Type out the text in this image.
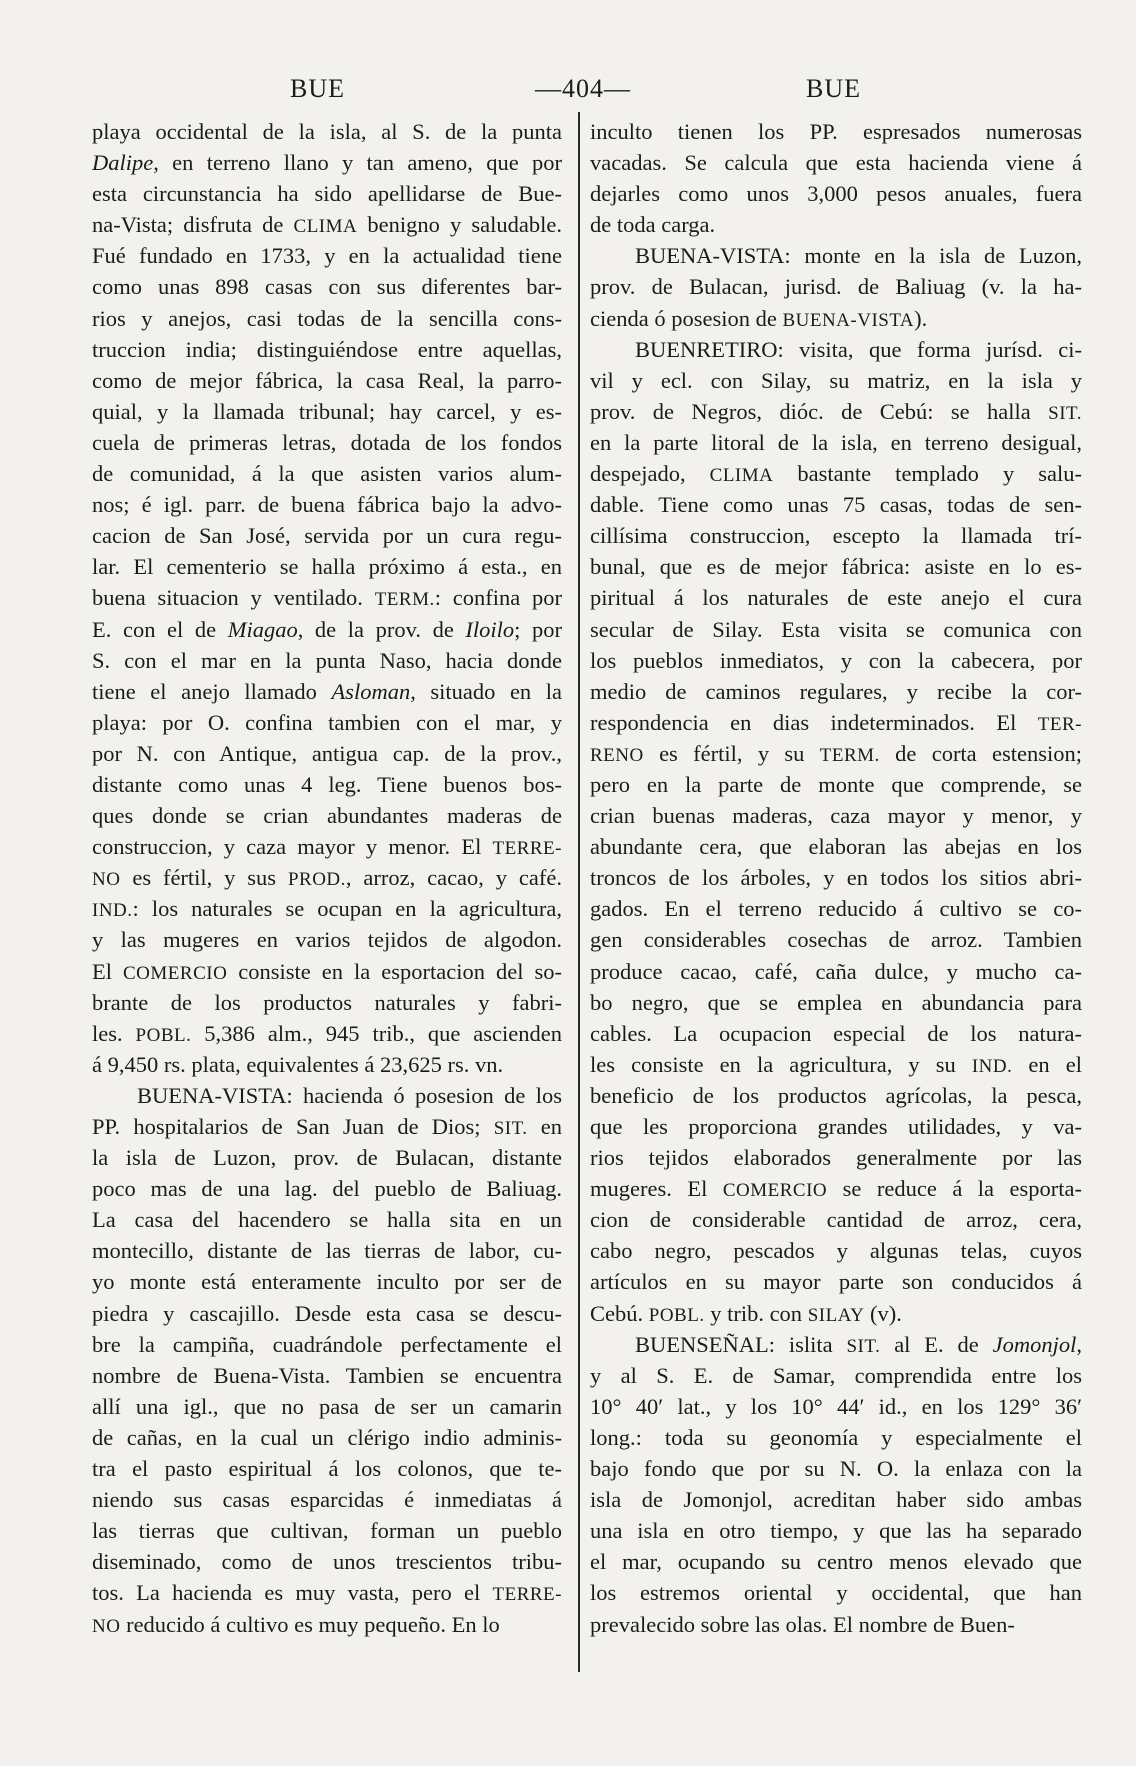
BUE	—404—	BUE
playa occidental de la isla, al S. de la punta
Dalipe, en terreno llano y tan ameno, que por
esta circunstancia ha sido apellidarse de Bue-
na-Vista; disfruta de CLIMA benigno y saludable.
Fué fundado en 1733, y en la actualidad tiene
como unas 898 casas con sus diferentes bar-
rios y anejos, casi todas de la sencilla cons-
truccion india; distinguiéndose entre aquellas,
como de mejor fábrica, la casa Real, la parro-
quial, y la llamada tribunal; hay carcel, y es-
cuela de primeras letras, dotada de los fondos
de comunidad, á la que asisten varios alum-
nos; é igl. parr. de buena fábrica bajo la advo-
cacion de San José, servida por un cura regu-
lar. El cementerio se halla próximo á esta., en
buena situacion y ventilado. TERM.: confina por
E. con el de Miagao, de la prov. de Iloilo; por
S. con el mar en la punta Naso, hacia donde
tiene el anejo llamado Asloman, situado en la
playa: por O. confina tambien con el mar, y
por N. con Antique, antigua cap. de la prov.,
distante como unas 4 leg. Tiene buenos bos-
ques donde se crian abundantes maderas de
construccion, y caza mayor y menor. El TERRE-
NO es fértil, y sus PROD., arroz, cacao, y café.
IND.: los naturales se ocupan en la agricultura,
y las mugeres en varios tejidos de algodon.
El COMERCIO consiste en la esportacion del so-
brante de los productos naturales y fabri-
les. POBL. 5,386 alm., 945 trib., que ascienden
á 9,450 rs. plata, equivalentes á 23,625 rs. vn.
  BUENA-VISTA: hacienda ó posesion de los
PP. hospitalarios de San Juan de Dios; SIT. en
la isla de Luzon, prov. de Bulacan, distante
poco mas de una lag. del pueblo de Baliuag.
La casa del hacendero se halla sita en un
montecillo, distante de las tierras de labor, cu-
yo monte está enteramente inculto por ser de
piedra y cascajillo. Desde esta casa se descu-
bre la campiña, cuadrándole perfectamente el
nombre de Buena-Vista. Tambien se encuentra
allí una igl., que no pasa de ser un camarin
de cañas, en la cual un clérigo indio adminis-
tra el pasto espiritual á los colonos, que te-
niendo sus casas esparcidas é inmediatas á
las tierras que cultivan, forman un pueblo
diseminado, como de unos trescientos tribu-
tos. La hacienda es muy vasta, pero el TERRE-
NO reducido á cultivo es muy pequeño. En lo
inculto tienen los PP. espresados numerosas
vacadas. Se calcula que esta hacienda viene á
dejarles como unos 3,000 pesos anuales, fuera
de toda carga.
  BUENA-VISTA: monte en la isla de Luzon,
prov. de Bulacan, jurisd. de Baliuag (v. la ha-
cienda ó posesion de BUENA-VISTA).
  BUENRETIRO: visita, que forma jurísd. ci-
vil y ecl. con Silay, su matriz, en la isla y
prov. de Negros, dióc. de Cebú: se halla SIT.
en la parte litoral de la isla, en terreno desigual,
despejado, CLIMA bastante templado y salu-
dable. Tiene como unas 75 casas, todas de sen-
cillísima construccion, escepto la llamada trí-
bunal, que es de mejor fábrica: asiste en lo es-
piritual á los naturales de este anejo el cura
secular de Silay. Esta visita se comunica con
los pueblos inmediatos, y con la cabecera, por
medio de caminos regulares, y recibe la cor-
respondencia en dias indeterminados. El TER-
RENO es fértil, y su TERM. de corta estension;
pero en la parte de monte que comprende, se
crian buenas maderas, caza mayor y menor, y
abundante cera, que elaboran las abejas en los
troncos de los árboles, y en todos los sitios abri-
gados. En el terreno reducido á cultivo se co-
gen considerables cosechas de arroz. Tambien
produce cacao, café, caña dulce, y mucho ca-
bo negro, que se emplea en abundancia para
cables. La ocupacion especial de los natura-
les consiste en la agricultura, y su IND. en el
beneficio de los productos agrícolas, la pesca,
que les proporciona grandes utilidades, y va-
rios tejidos elaborados generalmente por las
mugeres. El COMERCIO se reduce á la esporta-
cion de considerable cantidad de arroz, cera,
cabo negro, pescados y algunas telas, cuyos
artículos en su mayor parte son conducidos á
Cebú. POBL. y trib. con SILAY (v).
  BUENSEÑAL: islita SIT. al E. de Jomonjol,
y al S. E. de Samar, comprendida entre los
10° 40′ lat., y los 10° 44′ id., en los 129° 36′
long.: toda su geonomía y especialmente el
bajo fondo que por su N. O. la enlaza con la
isla de Jomonjol, acreditan haber sido ambas
una isla en otro tiempo, y que las ha separado
el mar, ocupando su centro menos elevado que
los estremos oriental y occidental, que han
prevalecido sobre las olas. El nombre de Buen-
